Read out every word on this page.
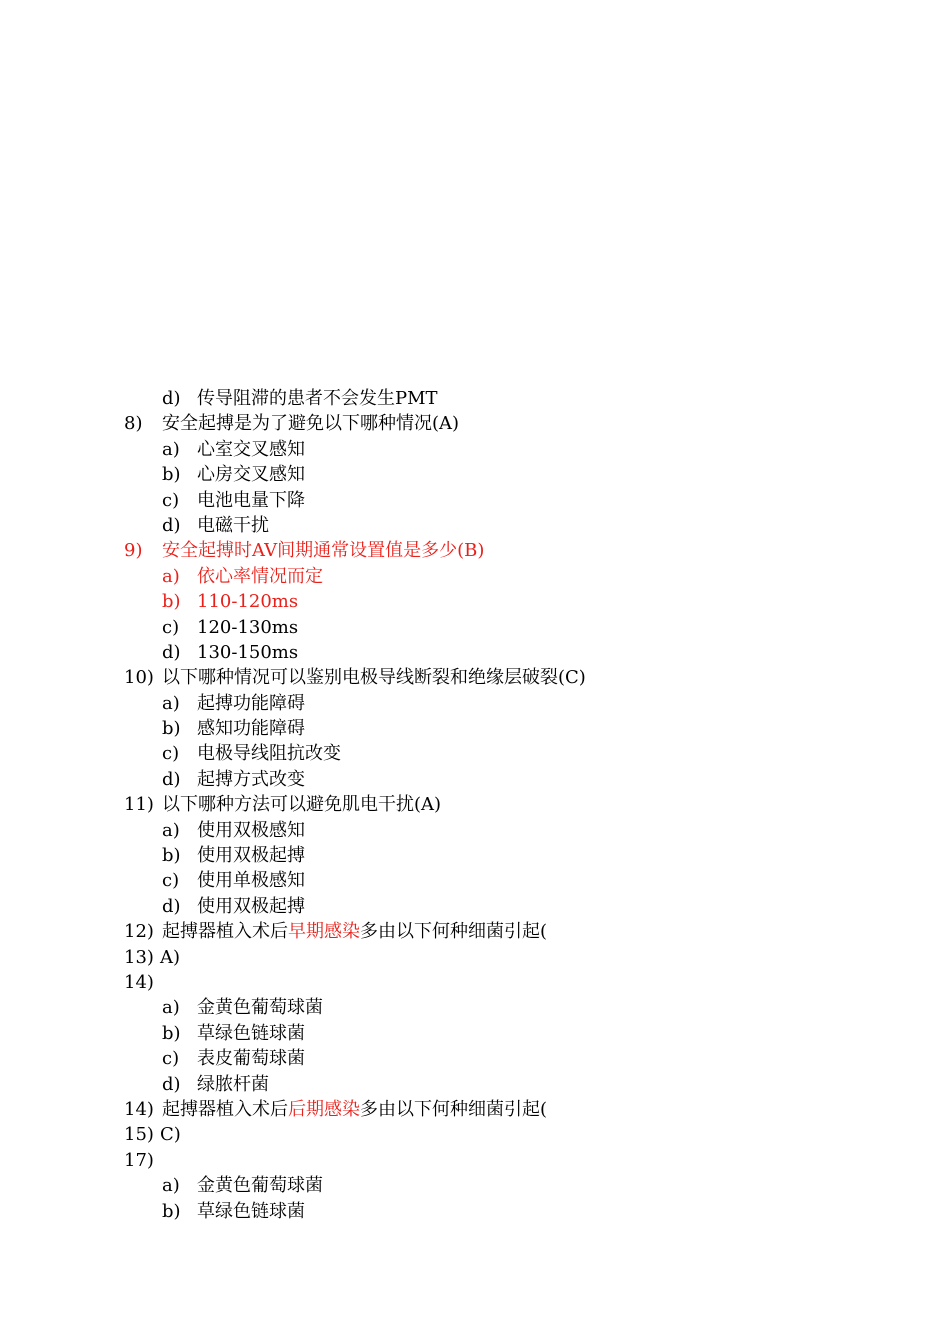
d) 传导阻滞的患者不会发生PMT
8) 安全起搏是为了避免以下哪种情况(A)
a) 心室交叉感知
b) 心房交叉感知
c) 电池电量下降
d) 电磁干扰
9) 安全起搏时AV间期通常设置值是多少(B)
a) 依心率情况而定
b) 110-120ms
c) 120-130ms
d) 130-150ms
10) 以下哪种情况可以鉴别电极导线断裂和绝缘层破裂(C)
a) 起搏功能障碍
b) 感知功能障碍
c) 电极导线阻抗改变
d) 起搏方式改变
11) 以下哪种方法可以避免肌电干扰(A)
a) 使用双极感知
b) 使用双极起搏
c) 使用单极感知
d) 使用双极起搏
12) 起搏器植入术后早期感染多由以下何种细菌引起(
13) A)
14)
a) 金黄色葡萄球菌
b) 草绿色链球菌
c) 表皮葡萄球菌
d) 绿脓杆菌
14) 起搏器植入术后后期感染多由以下何种细菌引起(
15) C)
17)
a) 金黄色葡萄球菌
b) 草绿色链球菌
